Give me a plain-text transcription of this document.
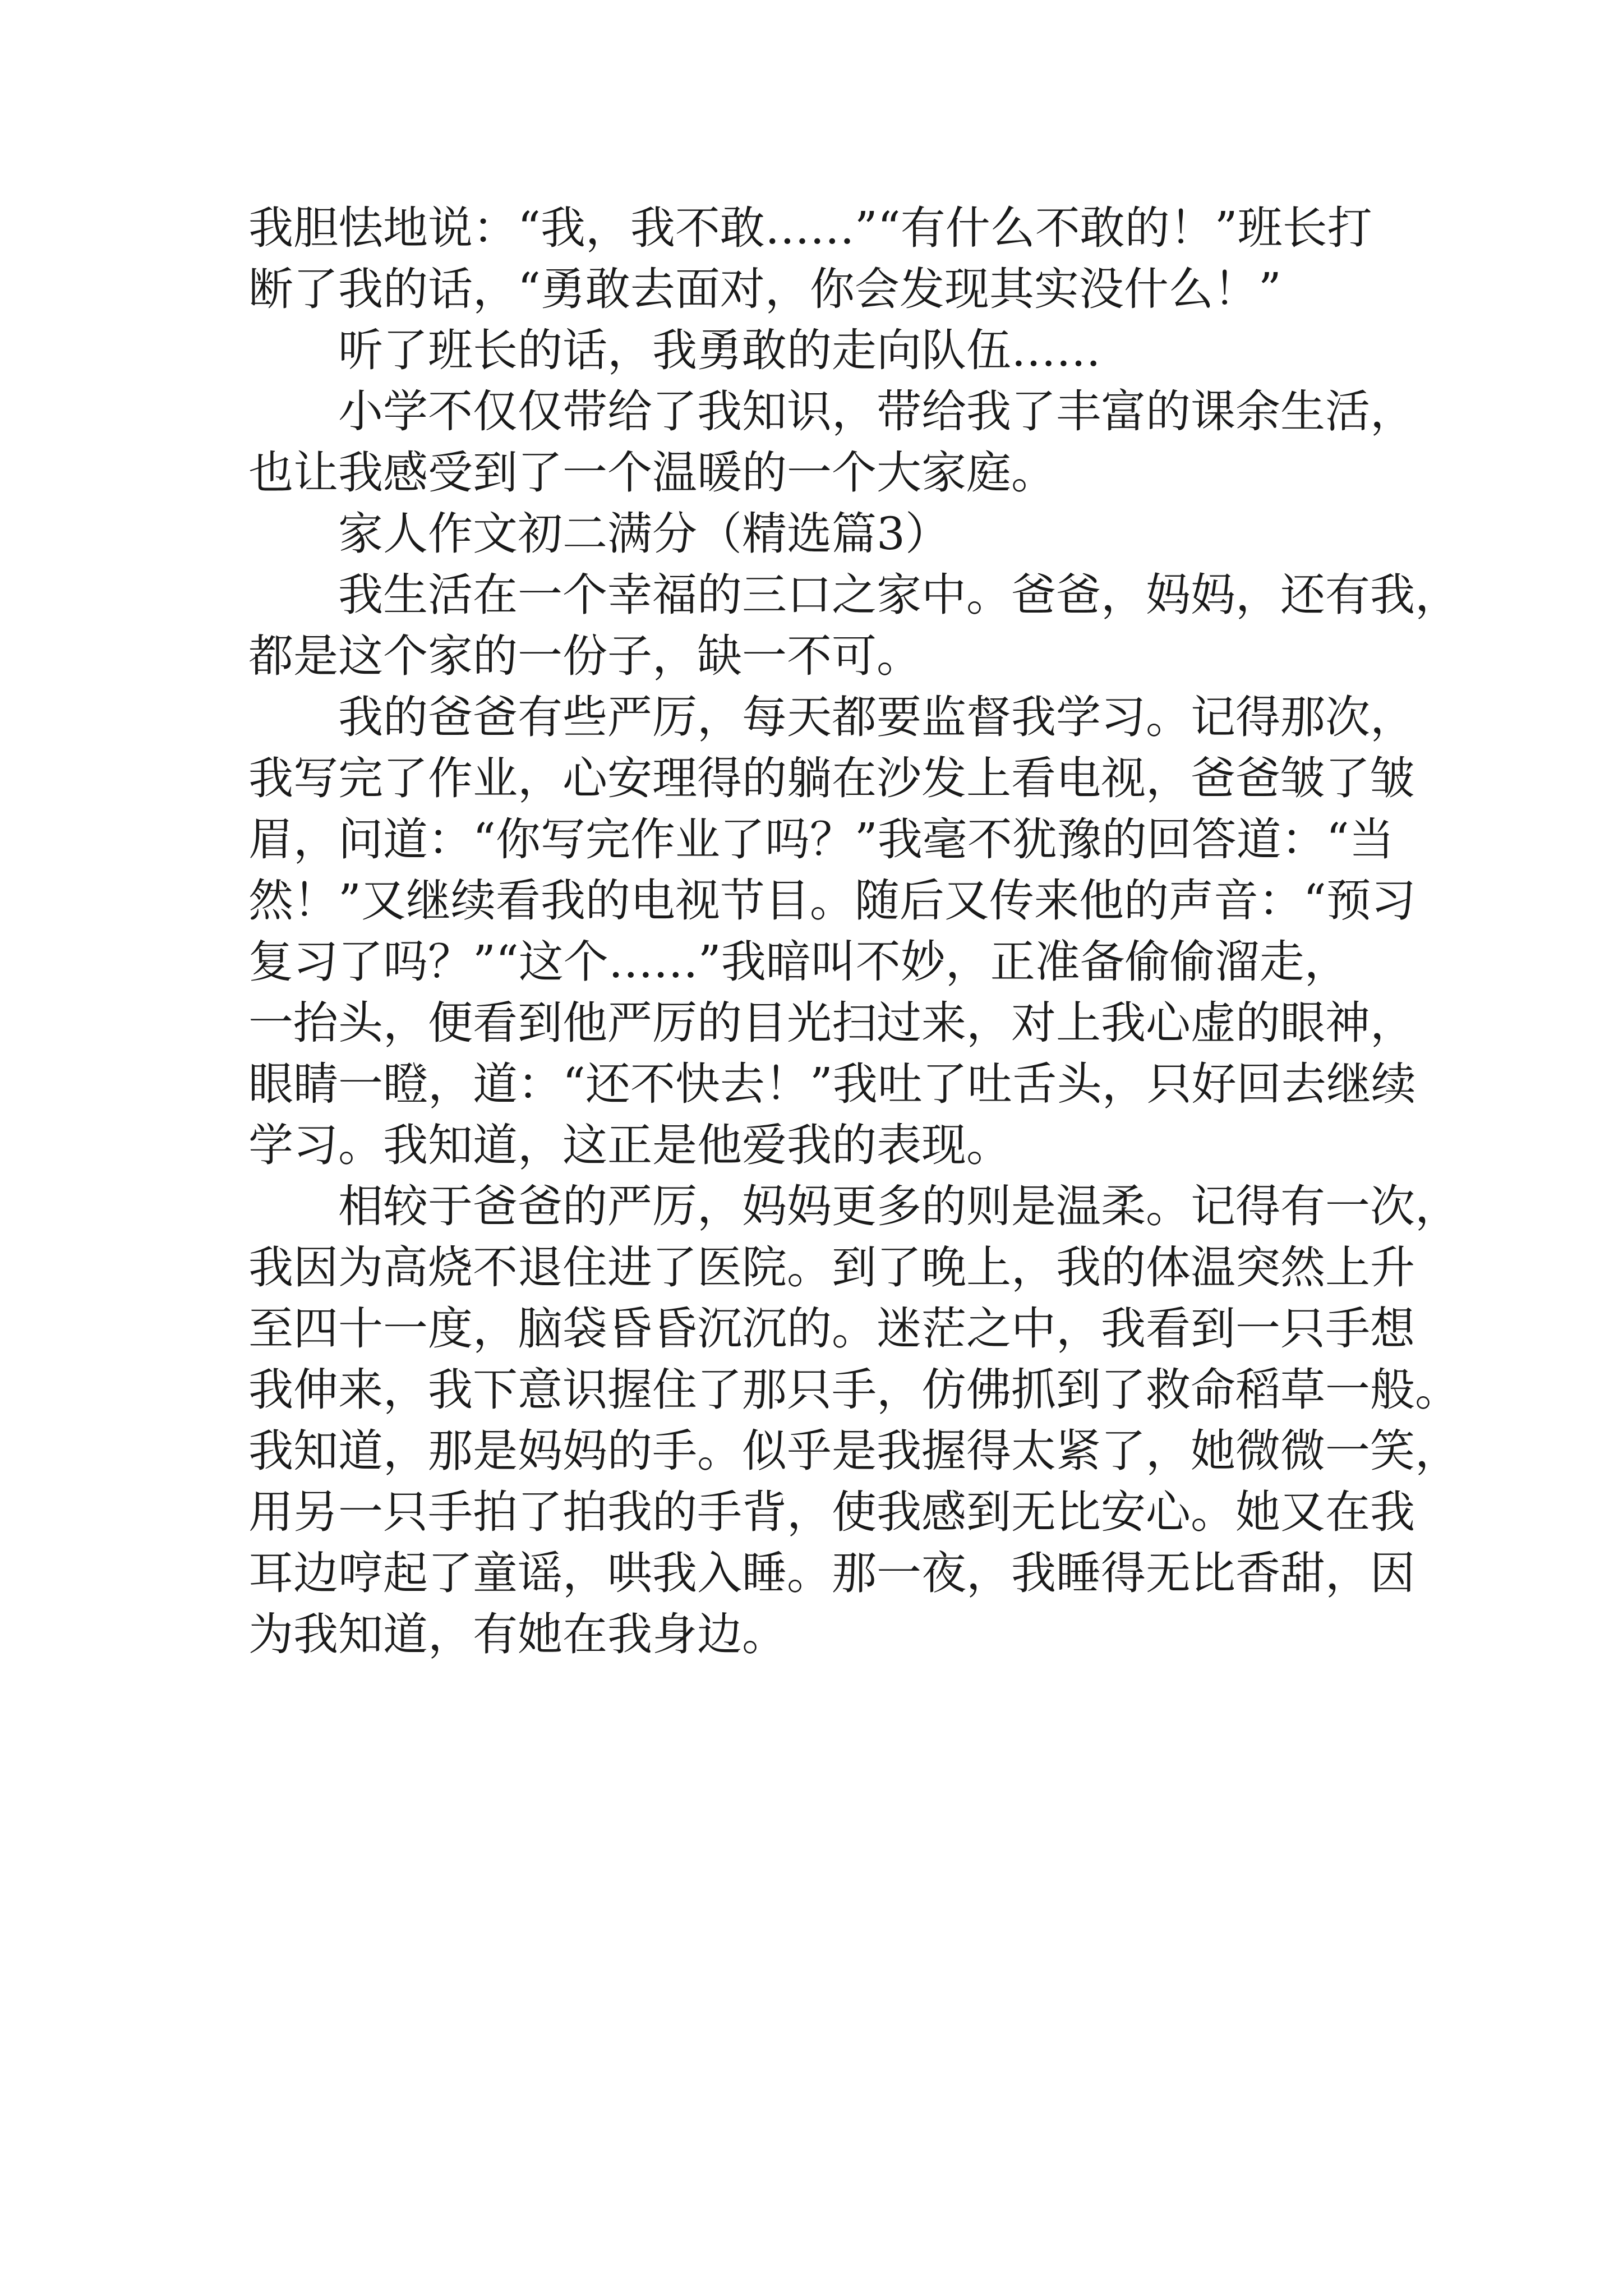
我胆怯地说：“我，我不敢……”“有什么不敢的！”班长打
断了我的话，“勇敢去面对，你会发现其实没什么！”

听了班长的话，我勇敢的走向队伍……

小学不仅仅带给了我知识，带给我了丰富的课余生活，
也让我感受到了一个温暖的一个大家庭。

家人作文初二满分（精选篇3）

我生活在一个幸福的三口之家中。爸爸，妈妈，还有我，
都是这个家的一份子，缺一不可。

我的爸爸有些严厉，每天都要监督我学习。记得那次，
我写完了作业，心安理得的躺在沙发上看电视，爸爸皱了皱
眉，问道：“你写完作业了吗？”我毫不犹豫的回答道：“当
然！”又继续看我的电视节目。随后又传来他的声音：“预习
复习了吗？”“这个……”我暗叫不妙，正准备偷偷溜走，
一抬头，便看到他严厉的目光扫过来，对上我心虚的眼神，
眼睛一瞪，道：“还不快去！”我吐了吐舌头，只好回去继续
学习。我知道，这正是他爱我的表现。

相较于爸爸的严厉，妈妈更多的则是温柔。记得有一次，
我因为高烧不退住进了医院。到了晚上，我的体温突然上升
至四十一度，脑袋昏昏沉沉的。迷茫之中，我看到一只手想
我伸来，我下意识握住了那只手，仿佛抓到了救命稻草一般。
我知道，那是妈妈的手。似乎是我握得太紧了，她微微一笑，
用另一只手拍了拍我的手背，使我感到无比安心。她又在我
耳边哼起了童谣，哄我入睡。那一夜，我睡得无比香甜，因
为我知道，有她在我身边。
